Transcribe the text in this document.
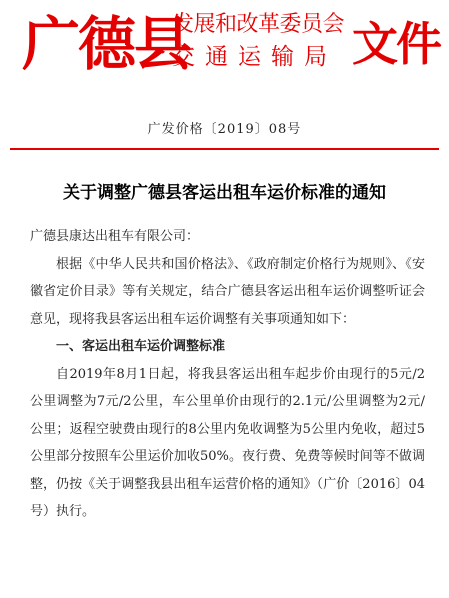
广德县
发展和改革委员会
交通运输局 文件
广发价格〔2019〕08号
关于调整广德县客运出租车运价标准的通知

广德县康达出租车有限公司：

根据《中华人民共和国价格法》、《政府制定价格行为规则》、《安徽省定价目录》等有关规定，结合广德县客运出租车运价调整听证会意见，现将我县客运出租车运价调整有关事项通知如下：

一、客运出租车运价调整标准

自2019年8月1日起，将我县客运出租车起步价由现行的5元/2公里调整为7元/2公里，车公里单价由现行的2.1元/公里调整为2元/公里；返程空驶费由现行的8公里内免收调整为5公里内免收，超过5公里部分按照车公里运价加收50%。夜行费、免费等候时间等不做调整，仍按《关于调整我县出租车运营价格的通知》（广价〔2016〕04号）执行。
